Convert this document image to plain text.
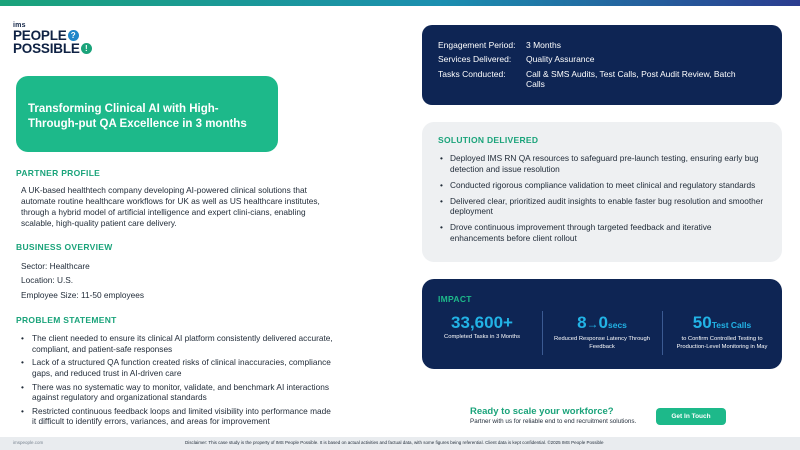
ims
PEOPLE ?
POSSIBLE !
Transforming Clinical AI with High-Through-put QA Excellence in 3 months
PARTNER PROFILE
A UK-based healthtech company developing AI-powered clinical solutions that automate routine healthcare workflows for UK as well as US healthcare institutes, through a hybrid model of artificial intelligence and expert clini-cians, enabling scalable, high-quality patient care delivery.
BUSINESS OVERVIEW
Sector: Healthcare
Location: U.S.
Employee Size: 11-50 employees
PROBLEM STATEMENT
• The client needed to ensure its clinical AI platform consistently delivered accurate, compliant, and patient-safe responses
• Lack of a structured QA function created risks of clinical inaccuracies, compliance gaps, and reduced trust in AI-driven care
• There was no systematic way to monitor, validate, and benchmark AI interactions against regulatory and organizational standards
• Restricted continuous feedback loops and limited visibility into performance made it difficult to identify errors, variances, and areas for improvement
Engagement Period:	3 Months
Services Delivered:	Quality Assurance
Tasks Conducted:	Call & SMS Audits, Test Calls, Post Audit Review, Batch Calls
SOLUTION DELIVERED
• Deployed IMS RN QA resources to safeguard pre-launch testing, ensuring early bug detection and issue resolution
• Conducted rigorous compliance validation to meet clinical and regulatory standards
• Delivered clear, prioritized audit insights to enable faster bug resolution and smoother deployment
• Drove continuous improvement through targeted feedback and iterative enhancements before client rollout
IMPACT
33,600+
Completed Tasks in 3 Months
8→0secs
Reduced Response Latency Through Feedback
50Test Calls
to Confirm Controlled Testing to Production-Level Monitoring in May
Ready to scale your workforce?
Partner with us for reliable end to end recruitment solutions.
Get In Touch
imspeople.com	Disclaimer: This case study is the property of IMS People Possible. It is based on actual activities and factual data, with some figures being referential. Client data is kept confidential. ©2025 IMS People Possible
